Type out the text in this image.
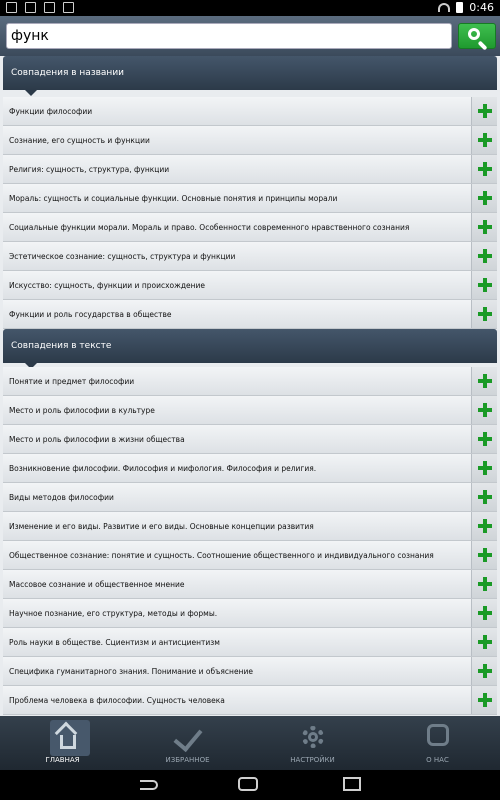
0:46
функ
Совпадения в названии
Функции философии
Сознание, его сущность и функции
Религия: сущность, структура, функции
Мораль: сущность и социальные функции. Основные понятия и принципы морали
Социальные функции морали. Мораль и право. Особенности современного нравственного сознания
Эстетическое сознание: сущность, структура и функции
Искусство: сущность, функции и происхождение
Функции и роль государства в обществе
Совпадения в тексте
Понятие и предмет философии
Место и роль философии в культуре
Место и роль философии в жизни общества
Возникновение философии. Философия и мифология. Философия и религия.
Виды методов философии
Изменение и его виды. Развитие и его виды. Основные концепции развития
Общественное сознание: понятие и сущность. Соотношение общественного и индивидуального сознания
Массовое сознание и общественное мнение
Научное познание, его структура, методы и формы.
Роль науки в обществе. Сциентизм и антисциентизм
Специфика гуманитарного знания. Понимание и объяснение
Проблема человека в философии. Сущность человека
ГЛАВНАЯ	ИЗБРАННОЕ	НАСТРОЙКИ	О НАС
